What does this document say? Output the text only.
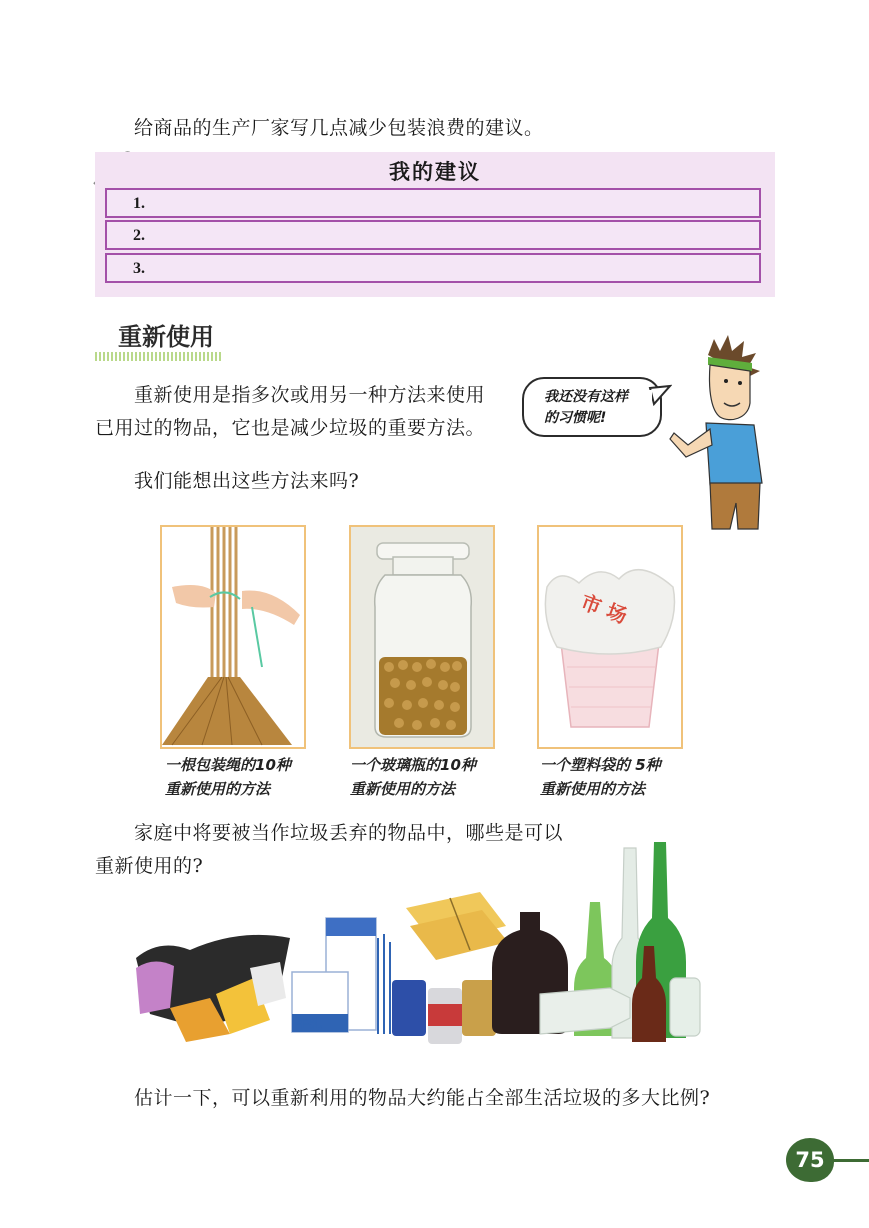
给商品的生产厂家写几点减少包装浪费的建议。
我的建议
1.
2.
3.
重新使用
重新使用是指多次或用另一种方法来使用
已用过的物品，它也是减少垃圾的重要方法。
我们能想出这些方法来吗?
我还没有这样
的习惯呢!
一根包装绳的10种
重新使用的方法
一个玻璃瓶的10种
重新使用的方法
市 场
一个塑料袋的 5种
重新使用的方法
家庭中将要被当作垃圾丢弃的物品中，哪些是可以
重新使用的?
牛乳
估计一下，可以重新利用的物品大约能占全部生活垃圾的多大比例?
75
